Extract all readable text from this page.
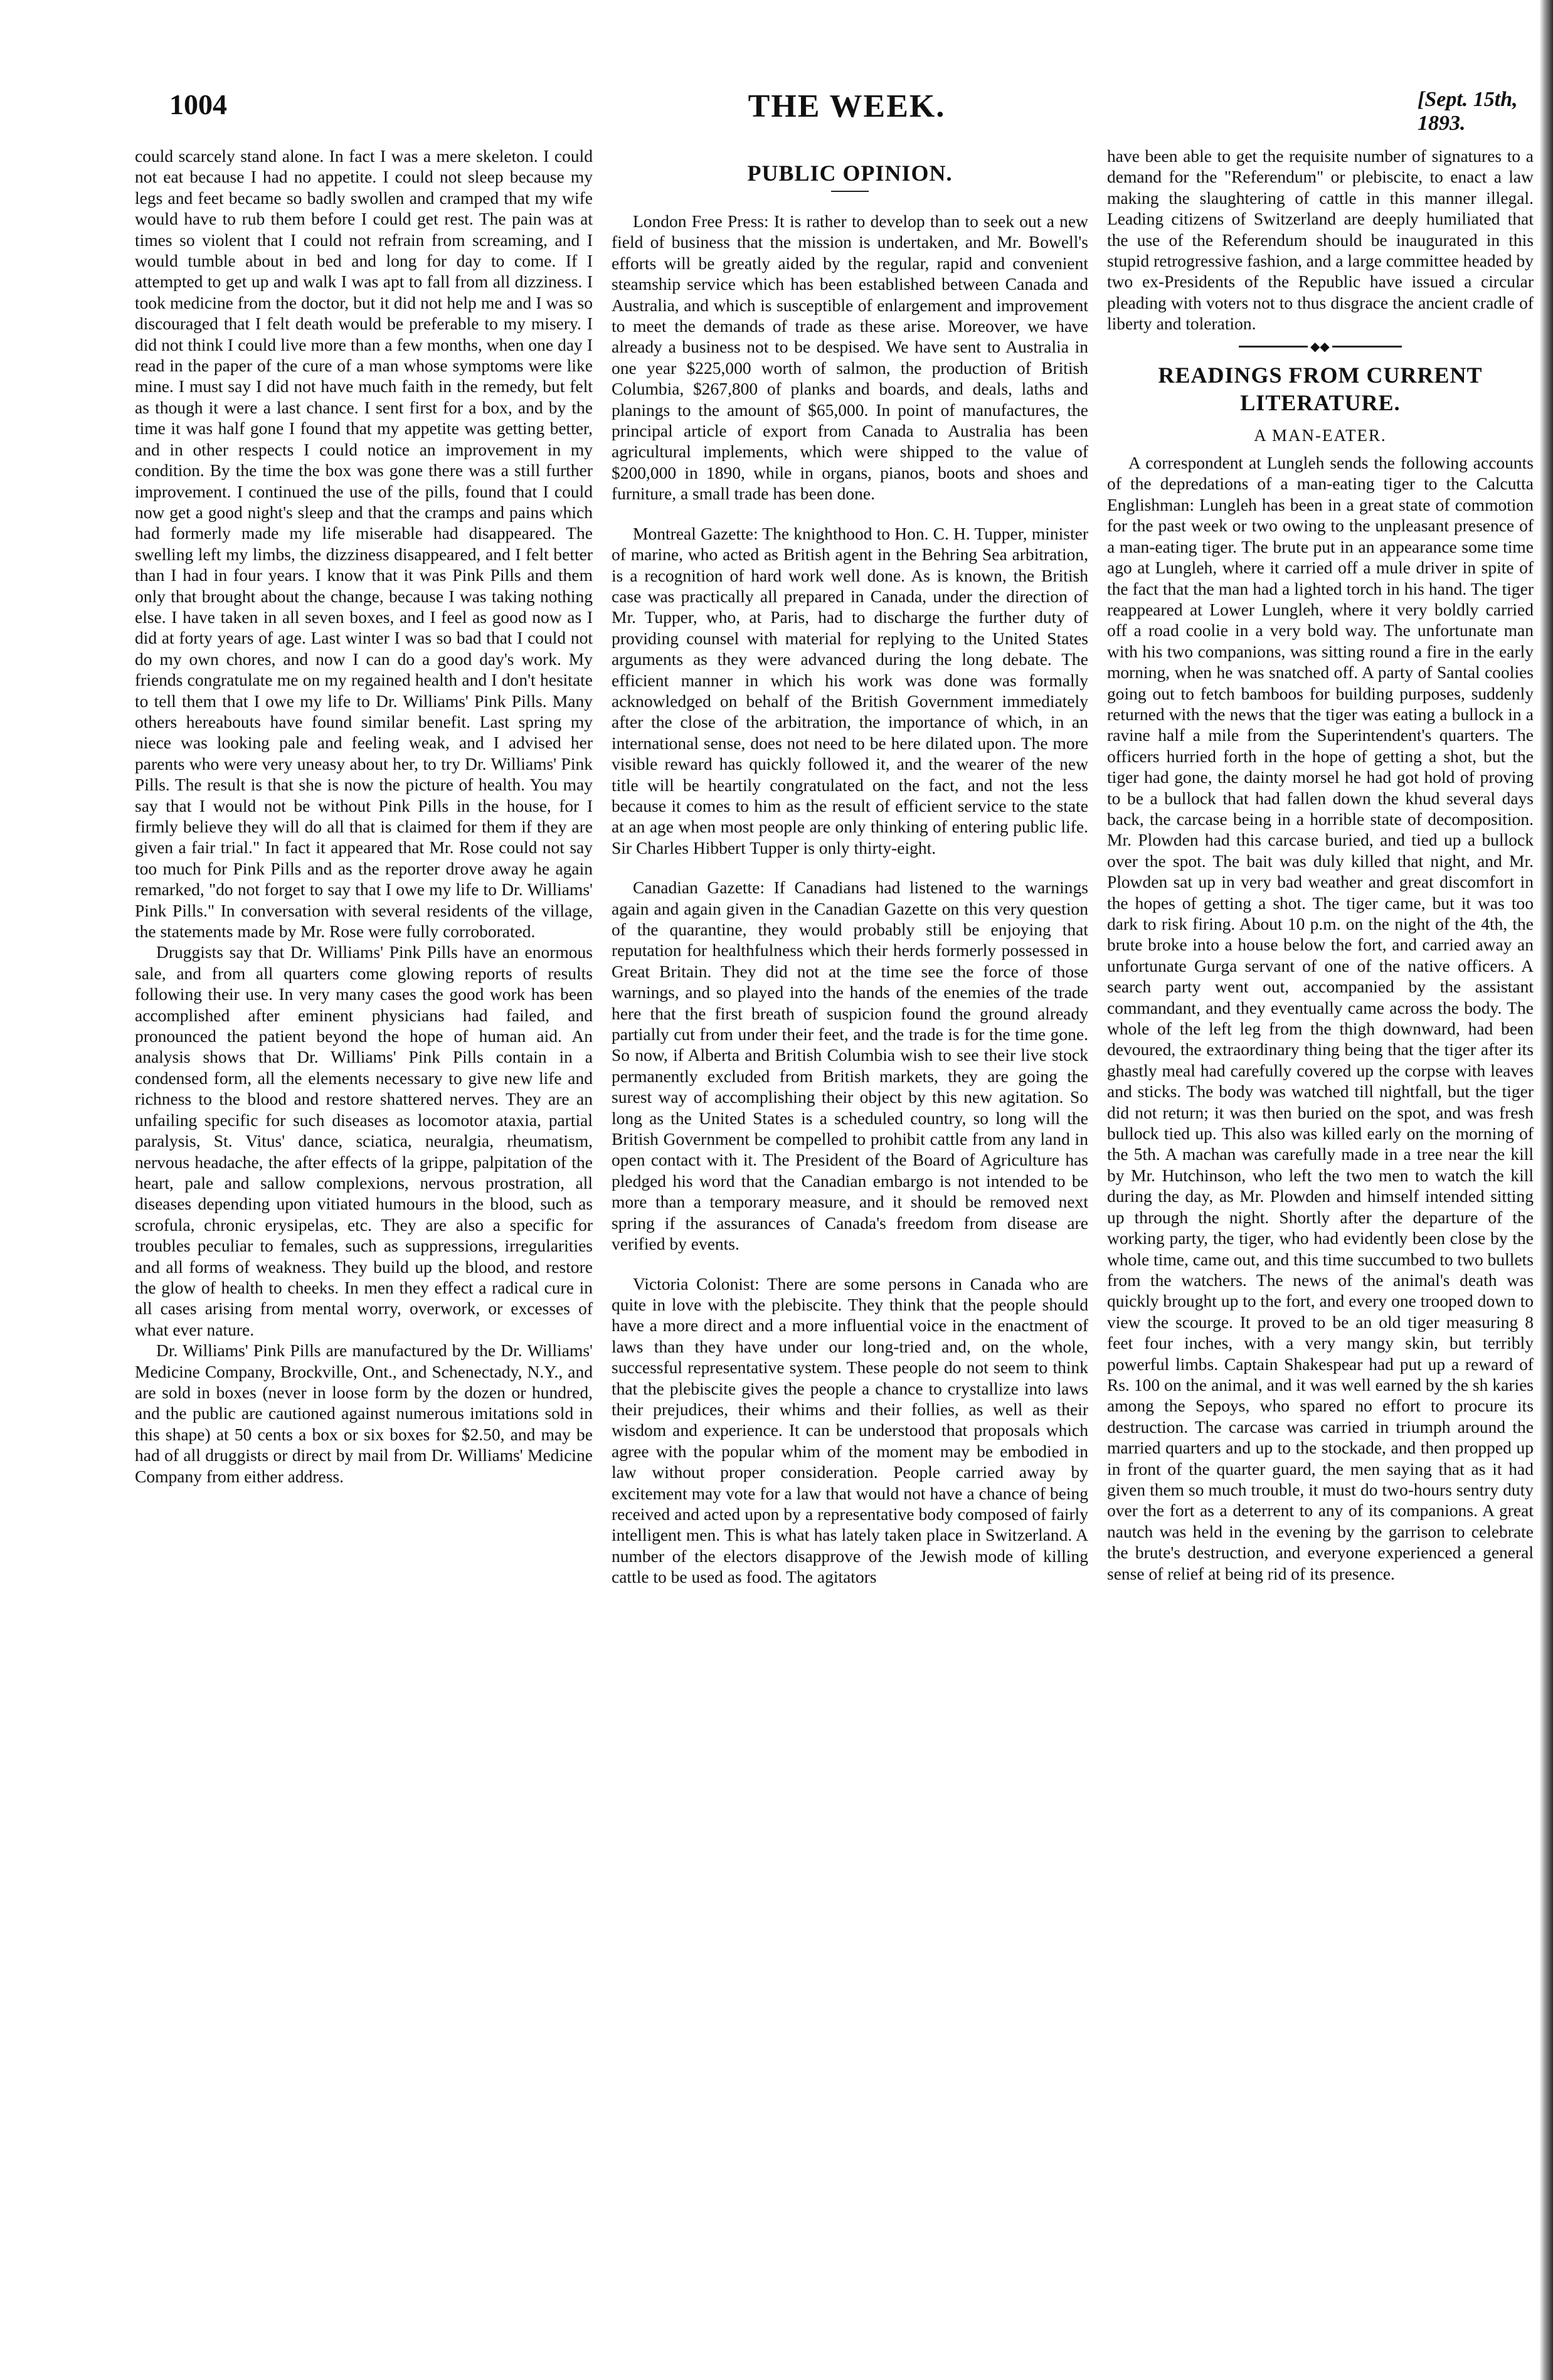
1004	THE WEEK.	[Sept. 15th, 1893.

could scarcely stand alone. In fact I was a mere skeleton. I could not eat because I had no appetite. I could not sleep because my legs and feet became so badly swollen and cramped that my wife would have to rub them before I could get rest. The pain was at times so violent that I could not refrain from screaming, and I would tumble about in bed and long for day to come. If I attempted to get up and walk I was apt to fall from all dizziness. I took medicine from the doctor, but it did not help me and I was so discouraged that I felt death would be preferable to my misery. I did not think I could live more than a few months, when one day I read in the paper of the cure of a man whose symptoms were like mine. I must say I did not have much faith in the remedy, but felt as though it were a last chance. I sent first for a box, and by the time it was half gone I found that my appetite was getting better, and in other respects I could notice an improvement in my condition. By the time the box was gone there was a still further improvement. I continued the use of the pills, found that I could now get a good night's sleep and that the cramps and pains which had formerly made my life miserable had disappeared. The swelling left my limbs, the dizziness disappeared, and I felt better than I had in four years. I know that it was Pink Pills and them only that brought about the change, because I was taking nothing else. I have taken in all seven boxes, and I feel as good now as I did at forty years of age. Last winter I was so bad that I could not do my own chores, and now I can do a good day's work. My friends congratulate me on my regained health and I don't hesitate to tell them that I owe my life to Dr. Williams' Pink Pills. Many others hereabouts have found similar benefit. Last spring my niece was looking pale and feeling weak, and I advised her parents who were very uneasy about her, to try Dr. Williams' Pink Pills. The result is that she is now the picture of health. You may say that I would not be without Pink Pills in the house, for I firmly believe they will do all that is claimed for them if they are given a fair trial." In fact it appeared that Mr. Rose could not say too much for Pink Pills and as the reporter drove away he again remarked, "do not forget to say that I owe my life to Dr. Williams' Pink Pills." In conversation with several residents of the village, the statements made by Mr. Rose were fully corroborated.

Druggists say that Dr. Williams' Pink Pills have an enormous sale, and from all quarters come glowing reports of results following their use. In very many cases the good work has been accomplished after eminent physicians had failed, and pronounced the patient beyond the hope of human aid. An analysis shows that Dr. Williams' Pink Pills contain in a condensed form, all the elements necessary to give new life and richness to the blood and restore shattered nerves. They are an unfailing specific for such diseases as locomotor ataxia, partial paralysis, St. Vitus' dance, sciatica, neuralgia, rheumatism, nervous headache, the after effects of la grippe, palpitation of the heart, pale and sallow complexions, nervous prostration, all diseases depending upon vitiated humours in the blood, such as scrofula, chronic erysipelas, etc. They are also a specific for troubles peculiar to females, such as suppressions, irregularities and all forms of weakness. They build up the blood, and restore the glow of health to cheeks. In men they effect a radical cure in all cases arising from mental worry, overwork, or excesses of what ever nature.

Dr. Williams' Pink Pills are manufactured by the Dr. Williams' Medicine Company, Brockville, Ont., and Schenectady, N.Y., and are sold in boxes (never in loose form by the dozen or hundred, and the public are cautioned against numerous imitations sold in this shape) at 50 cents a box or six boxes for $2.50, and may be had of all druggists or direct by mail from Dr. Williams' Medicine Company from either address.

PUBLIC OPINION.

London Free Press: It is rather to develop than to seek out a new field of business that the mission is undertaken, and Mr. Bowell's efforts will be greatly aided by the regular, rapid and convenient steamship service which has been established between Canada and Australia, and which is susceptible of enlargement and improvement to meet the demands of trade as these arise. Moreover, we have already a business not to be despised. We have sent to Australia in one year $225,000 worth of salmon, the production of British Columbia, $267,800 of planks and boards, and deals, laths and planings to the amount of $65,000. In point of manufactures, the principal article of export from Canada to Australia has been agricultural implements, which were shipped to the value of $200,000 in 1890, while in organs, pianos, boots and shoes and furniture, a small trade has been done.

Montreal Gazette: The knighthood to Hon. C. H. Tupper, minister of marine, who acted as British agent in the Behring Sea arbitration, is a recognition of hard work well done. As is known, the British case was practically all prepared in Canada, under the direction of Mr. Tupper, who, at Paris, had to discharge the further duty of providing counsel with material for replying to the United States arguments as they were advanced during the long debate. The efficient manner in which his work was done was formally acknowledged on behalf of the British Government immediately after the close of the arbitration, the importance of which, in an international sense, does not need to be here dilated upon. The more visible reward has quickly followed it, and the wearer of the new title will be heartily congratulated on the fact, and not the less because it comes to him as the result of efficient service to the state at an age when most people are only thinking of entering public life. Sir Charles Hibbert Tupper is only thirty-eight.

Canadian Gazette: If Canadians had listened to the warnings again and again given in the Canadian Gazette on this very question of the quarantine, they would probably still be enjoying that reputation for healthfulness which their herds formerly possessed in Great Britain. They did not at the time see the force of those warnings, and so played into the hands of the enemies of the trade here that the first breath of suspicion found the ground already partially cut from under their feet, and the trade is for the time gone. So now, if Alberta and British Columbia wish to see their live stock permanently excluded from British markets, they are going the surest way of accomplishing their object by this new agitation. So long as the United States is a scheduled country, so long will the British Government be compelled to prohibit cattle from any land in open contact with it. The President of the Board of Agriculture has pledged his word that the Canadian embargo is not intended to be more than a temporary measure, and it should be removed next spring if the assurances of Canada's freedom from disease are verified by events.

Victoria Colonist: There are some persons in Canada who are quite in love with the plebiscite. They think that the people should have a more direct and a more influential voice in the enactment of laws than they have under our long-tried and, on the whole, successful representative system. These people do not seem to think that the plebiscite gives the people a chance to crystallize into laws their prejudices, their whims and their follies, as well as their wisdom and experience. It can be understood that proposals which agree with the popular whim of the moment may be embodied in law without proper consideration. People carried away by excitement may vote for a law that would not have a chance of being received and acted upon by a representative body composed of fairly intelligent men. This is what has lately taken place in Switzerland. A number of the electors disapprove of the Jewish mode of killing cattle to be used as food. The agitators

have been able to get the requisite number of signatures to a demand for the "Referendum" or plebiscite, to enact a law making the slaughtering of cattle in this manner illegal. Leading citizens of Switzerland are deeply humiliated that the use of the Referendum should be inaugurated in this stupid retrogressive fashion, and a large committee headed by two ex-Presidents of the Republic have issued a circular pleading with voters not to thus disgrace the ancient cradle of liberty and toleration.

◆◆
READINGS FROM CURRENT LITERATURE.
A MAN-EATER.

A correspondent at Lungleh sends the following accounts of the depredations of a man-eating tiger to the Calcutta Englishman: Lungleh has been in a great state of commotion for the past week or two owing to the unpleasant presence of a man-eating tiger. The brute put in an appearance some time ago at Lungleh, where it carried off a mule driver in spite of the fact that the man had a lighted torch in his hand. The tiger reappeared at Lower Lungleh, where it very boldly carried off a road coolie in a very bold way. The unfortunate man with his two companions, was sitting round a fire in the early morning, when he was snatched off. A party of Santal coolies going out to fetch bamboos for building purposes, suddenly returned with the news that the tiger was eating a bullock in a ravine half a mile from the Superintendent's quarters. The officers hurried forth in the hope of getting a shot, but the tiger had gone, the dainty morsel he had got hold of proving to be a bullock that had fallen down the khud several days back, the carcase being in a horrible state of decomposition. Mr. Plowden had this carcase buried, and tied up a bullock over the spot. The bait was duly killed that night, and Mr. Plowden sat up in very bad weather and great discomfort in the hopes of getting a shot. The tiger came, but it was too dark to risk firing. About 10 p.m. on the night of the 4th, the brute broke into a house below the fort, and carried away an unfortunate Gurga servant of one of the native officers. A search party went out, accompanied by the assistant commandant, and they eventually came across the body. The whole of the left leg from the thigh downward, had been devoured, the extraordinary thing being that the tiger after its ghastly meal had carefully covered up the corpse with leaves and sticks. The body was watched till nightfall, but the tiger did not return; it was then buried on the spot, and was fresh bullock tied up. This also was killed early on the morning of the 5th. A machan was carefully made in a tree near the kill by Mr. Hutchinson, who left the two men to watch the kill during the day, as Mr. Plowden and himself intended sitting up through the night. Shortly after the departure of the working party, the tiger, who had evidently been close by the whole time, came out, and this time succumbed to two bullets from the watchers. The news of the animal's death was quickly brought up to the fort, and every one trooped down to view the scourge. It proved to be an old tiger measuring 8 feet four inches, with a very mangy skin, but terribly powerful limbs. Captain Shakespear had put up a reward of Rs. 100 on the animal, and it was well earned by the sh karies among the Sepoys, who spared no effort to procure its destruction. The carcase was carried in triumph around the married quarters and up to the stockade, and then propped up in front of the quarter guard, the men saying that as it had given them so much trouble, it must do two-hours sentry duty over the fort as a deterrent to any of its companions. A great nautch was held in the evening by the garrison to celebrate the brute's destruction, and everyone experienced a general sense of relief at being rid of its presence.
